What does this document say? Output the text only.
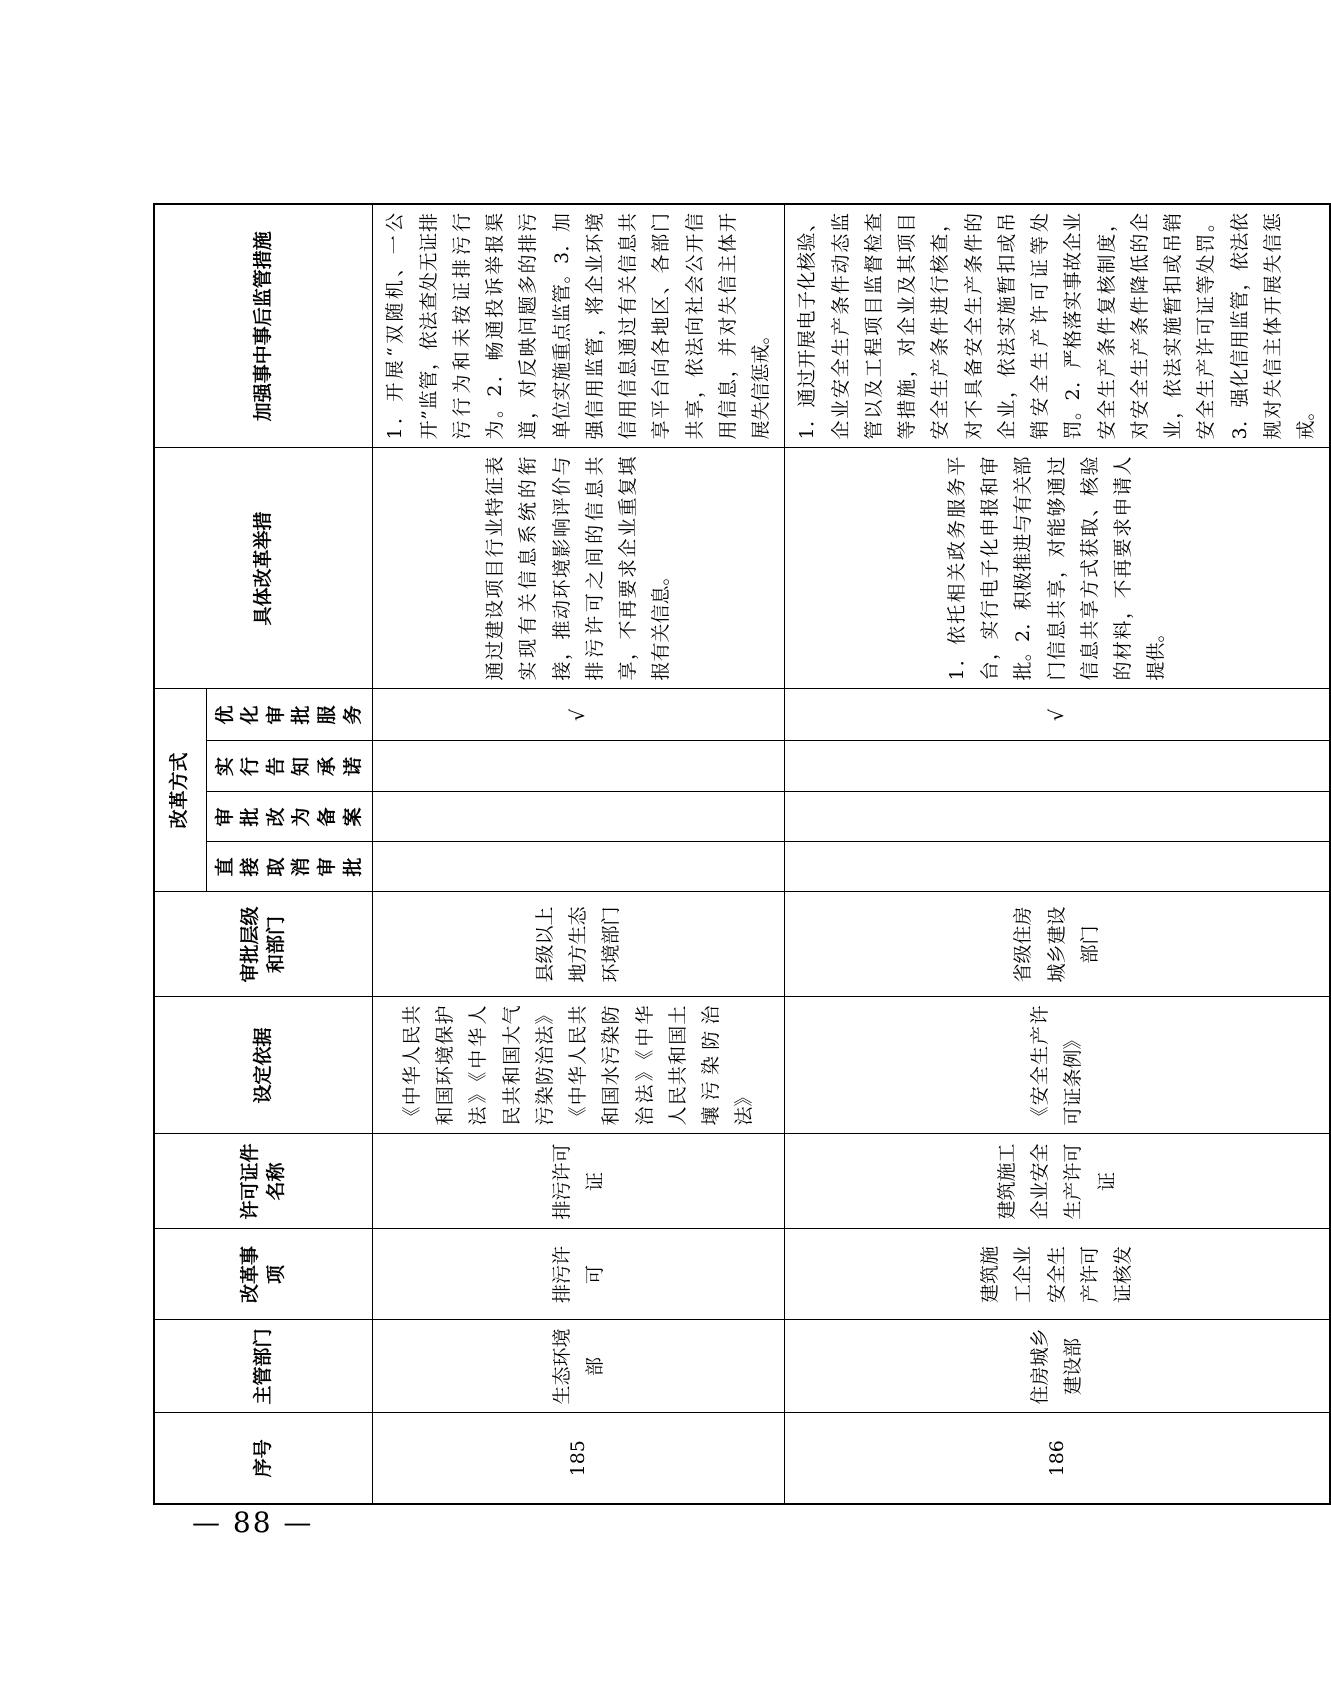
序号	主管部门	改革事项	许可证件名称	设定依据	审批层级和部门	改革方式				具体改革举措	加强事中事后监管措施
						直接取消审批	审批改为备案	实行告知承诺	优化审批服务		
185	生态环境部	排污许可	排污许可证	《中华人民共和国环境保护法》《中华人民共和国大气污染防治法》《中华人民共和国水污染防治法》《中华人民共和国土壤污染防治法》	县级以上地方生态环境部门				√	通过建设项目行业特征表实现有关信息系统的衔接，推动环境影响评价与排污许可之间的信息共享，不再要求企业重复填报有关信息。	1．开展“双随机、一公开”监管，依法查处无证排污行为和未按证排污行为。2．畅通投诉举报渠道，对反映问题多的排污单位实施重点监管。3．加强信用监管，将企业环境信用信息通过有关信息共享平台向各地区、各部门共享，依法向社会公开信用信息，并对失信主体开展失信惩戒。
186	住房城乡建设部	建筑施工企业安全生产许可证核发	建筑施工企业安全生产许可证	《安全生产许可证条例》	省级住房城乡建设部门				√	1．依托相关政务服务平台，实行电子化申报和审批。2．积极推进与有关部门信息共享，对能够通过信息共享方式获取、核验的材料，不再要求申请人提供。	1．通过开展电子化核验、企业安全生产条件动态监管以及工程项目监督检查等措施，对企业及其项目安全生产条件进行核查，对不具备安全生产条件的企业，依法实施暂扣或吊销安全生产许可证等处罚。2．严格落实事故企业安全生产条件复核制度，对安全生产条件降低的企业，依法实施暂扣或吊销安全生产许可证等处罚。3．强化信用监管，依法依规对失信主体开展失信惩戒。
— 88 —
